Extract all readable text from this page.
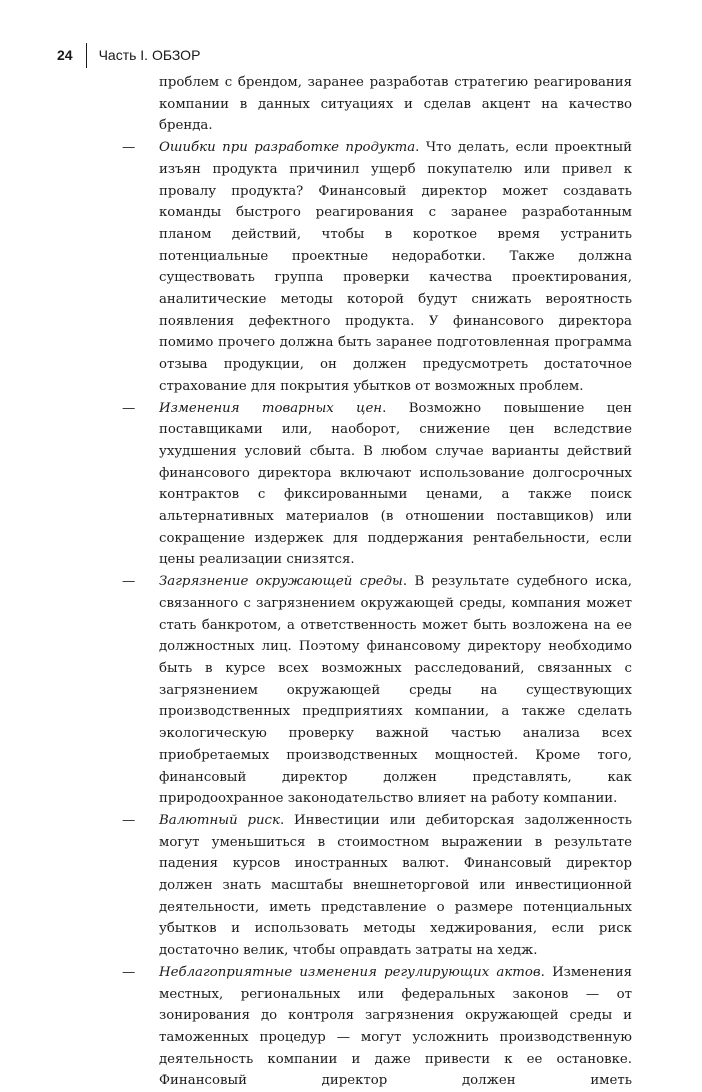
24 Часть I. ОБЗОР

проблем с брендом, заранее разработав стратегию реагирования компании в данных ситуациях и сделав акцент на качество бренда.

— Ошибки при разработке продукта. Что делать, если проектный изъян продукта причинил ущерб покупателю или привел к провалу продукта? Финансовый директор может создавать команды быстрого реагирования с заранее разработанным планом действий, чтобы в короткое время устранить потенциальные проектные недоработки. Также должна существовать группа проверки качества проектирования, аналитические методы которой будут снижать вероятность появления дефектного продукта. У финансового директора помимо прочего должна быть заранее подготовленная программа отзыва продукции, он должен предусмотреть достаточное страхование для покрытия убытков от возможных проблем.

— Изменения товарных цен. Возможно повышение цен поставщиками или, наоборот, снижение цен вследствие ухудшения условий сбыта. В любом случае варианты действий финансового директора включают использование долгосрочных контрактов с фиксированными ценами, а также поиск альтернативных материалов (в отношении поставщиков) или сокращение издержек для поддержания рентабельности, если цены реализации снизятся.

— Загрязнение окружающей среды. В результате судебного иска, связанного с загрязнением окружающей среды, компания может стать банкротом, а ответственность может быть возложена на ее должностных лиц. Поэтому финансовому директору необходимо быть в курсе всех возможных расследований, связанных с загрязнением окружающей среды на существующих производственных предприятиях компании, а также сделать экологическую проверку важной частью анализа всех приобретаемых производственных мощностей. Кроме того, финансовый директор должен представлять, как природоохранное законодательство влияет на работу компании.

— Валютный риск. Инвестиции или дебиторская задолженность могут уменьшиться в стоимостном выражении в результате падения курсов иностранных валют. Финансовый директор должен знать масштабы внешнеторговой или инвестиционной деятельности, иметь представление о размере потенциальных убытков и использовать методы хеджирования, если риск достаточно велик, чтобы оправдать затраты на хедж.

— Неблагоприятные изменения регулирующих актов. Изменения местных, региональных или федеральных законов — от зонирования до контроля загрязнения окружающей среды и таможенных процедур — могут усложнить производственную деятельность компании и даже привести к ее остановке. Финансовый директор должен иметь
